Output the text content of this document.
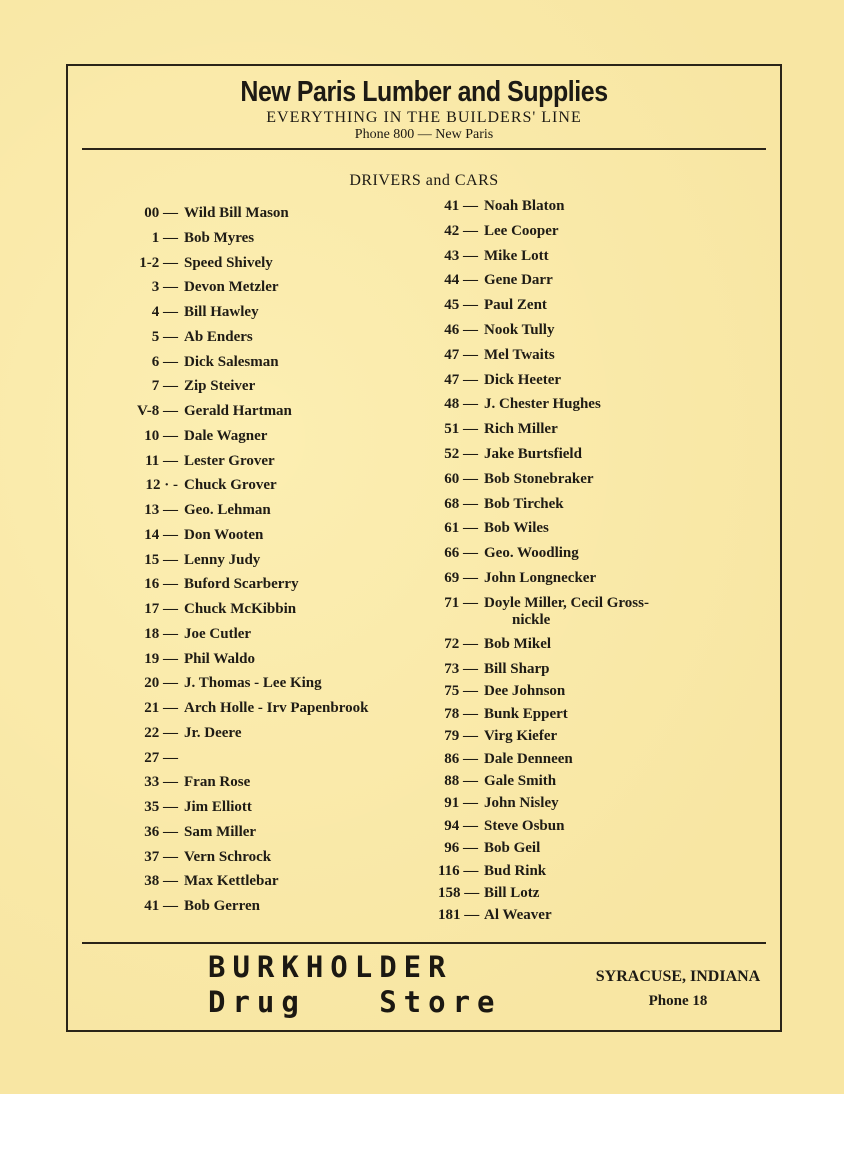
New Paris Lumber and Supplies
EVERYTHING IN THE BUILDERS' LINE
Phone 800 — New Paris
DRIVERS and CARS
00 — Wild Bill Mason
1 — Bob Myres
1-2 — Speed Shively
3 — Devon Metzler
4 — Bill Hawley
5 — Ab Enders
6 — Dick Salesman
7 — Zip Steiver
V-8 — Gerald Hartman
10 — Dale Wagner
11 — Lester Grover
12 · - Chuck Grover
13 — Geo. Lehman
14 — Don Wooten
15 — Lenny Judy
16 — Buford Scarberry
17 — Chuck McKibbin
18 — Joe Cutler
19 — Phil Waldo
20 — J. Thomas - Lee King
21 — Arch Holle - Irv Papenbrook
22 — Jr. Deere
27 —
33 — Fran Rose
35 — Jim Elliott
36 — Sam Miller
37 — Vern Schrock
38 — Max Kettlebar
41 — Bob Gerren
41 — Noah Blaton
42 — Lee Cooper
43 — Mike Lott
44 — Gene Darr
45 — Paul Zent
46 — Nook Tully
47 — Mel Twaits
47 — Dick Heeter
48 — J. Chester Hughes
51 — Rich Miller
52 — Jake Burtsfield
60 — Bob Stonebraker
68 — Bob Tirchek
61 — Bob Wiles
66 — Geo. Woodling
69 — John Longnecker
71 — Doyle Miller, Cecil Gross-
nickle
72 — Bob Mikel
73 — Bill Sharp
75 — Dee Johnson
78 — Bunk Eppert
79 — Virg Kiefer
86 — Dale Denneen
88 — Gale Smith
91 — John Nisley
94 — Steve Osbun
96 — Bob Geil
116 — Bud Rink
158 — Bill Lotz
181 — Al Weaver
BURKHOLDER
Drug   Store
SYRACUSE, INDIANA
Phone 18
